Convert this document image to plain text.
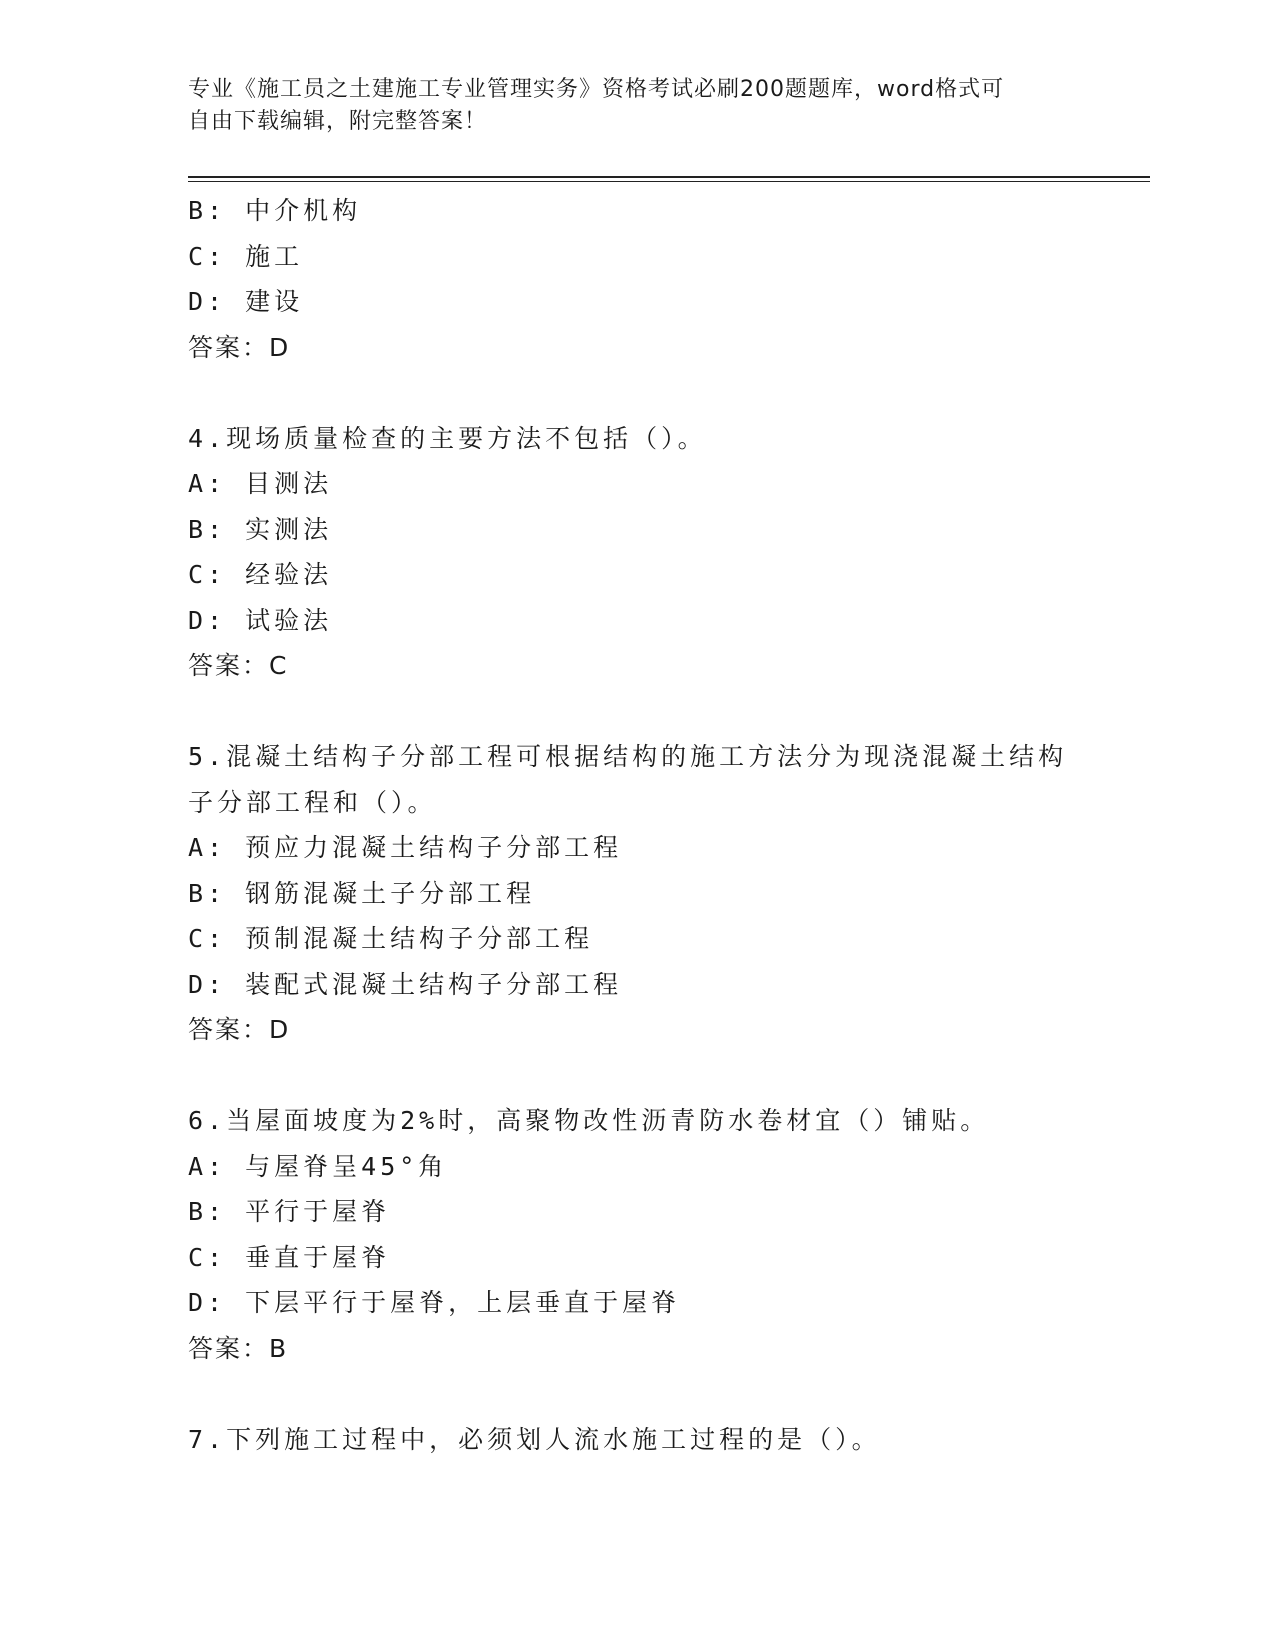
专业《施工员之土建施工专业管理实务》资格考试必刷200题题库，word格式可
自由下载编辑，附完整答案！
B: 中介机构
C: 施工
D: 建设
答案：D
4.现场质量检查的主要方法不包括（）。
A: 目测法
B: 实测法
C: 经验法
D: 试验法
答案：C
5.混凝土结构子分部工程可根据结构的施工方法分为现浇混凝土结构
子分部工程和（）。
A: 预应力混凝土结构子分部工程
B: 钢筋混凝土子分部工程
C: 预制混凝土结构子分部工程
D: 装配式混凝土结构子分部工程
答案：D
6.当屋面坡度为2%时，高聚物改性沥青防水卷材宜（）铺贴。
A: 与屋脊呈45°角
B: 平行于屋脊
C: 垂直于屋脊
D: 下层平行于屋脊，上层垂直于屋脊
答案：B
7.下列施工过程中，必须划人流水施工过程的是（）。
